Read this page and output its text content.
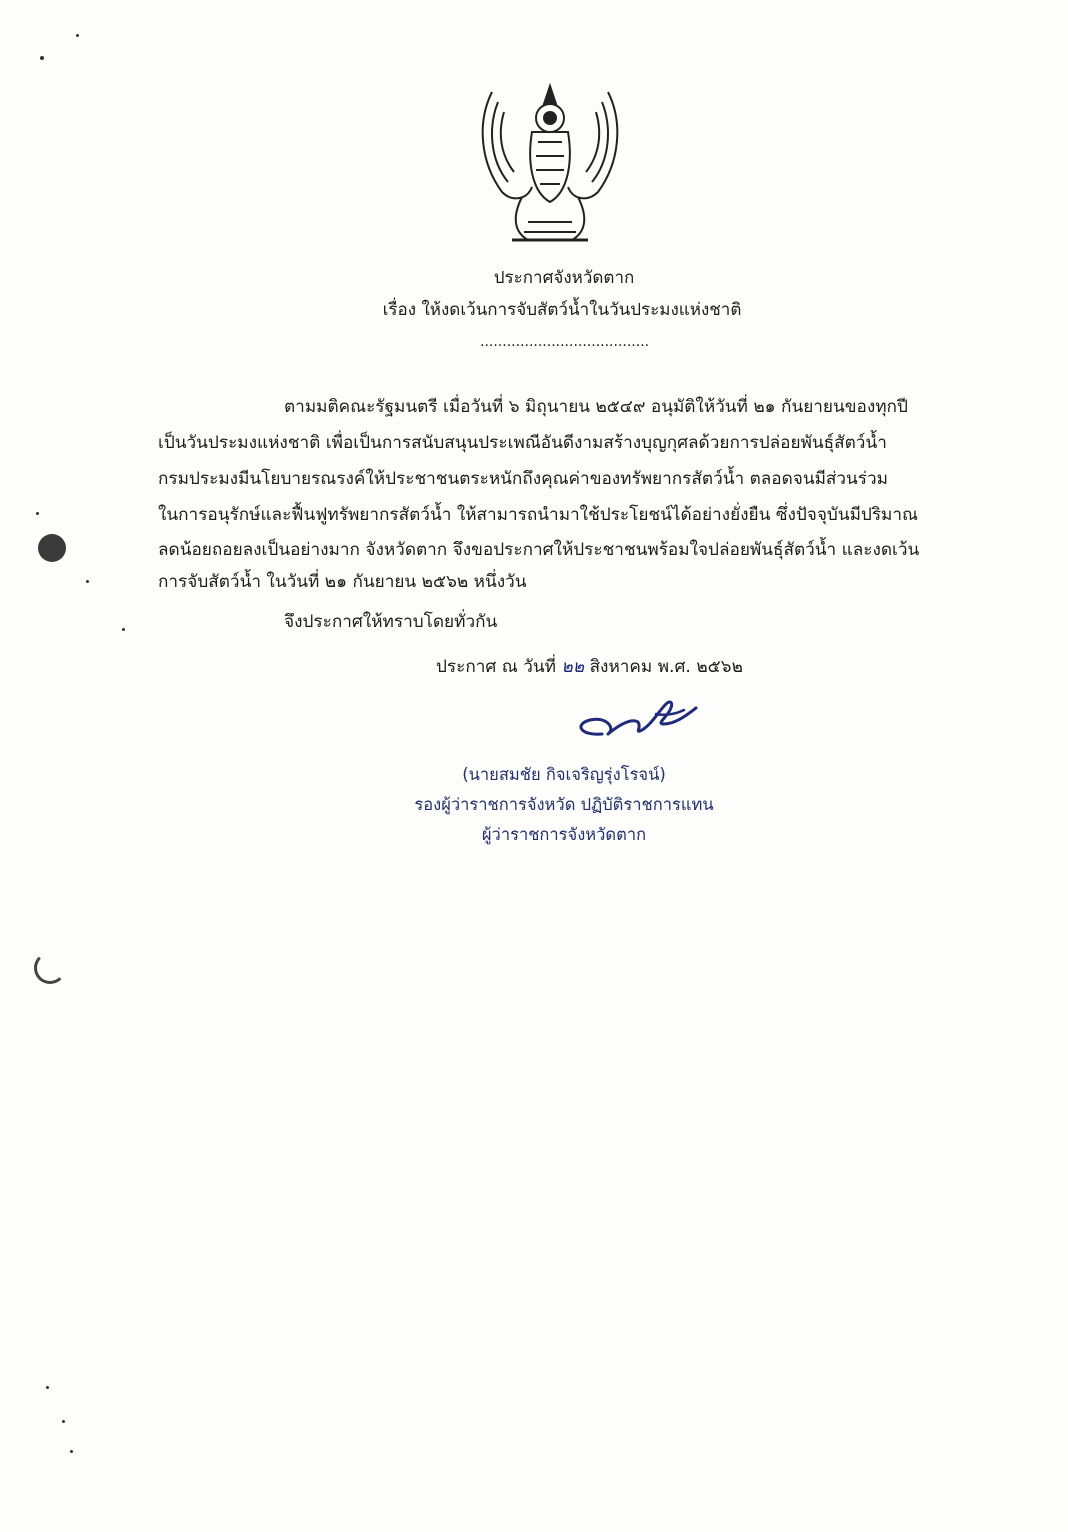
ประกาศจังหวัดตาก
เรื่อง ให้งดเว้นการจับสัตว์น้ำในวันประมงแห่งชาติ
......................................
ตามมติคณะรัฐมนตรี เมื่อวันที่ ๖ มิถุนายน ๒๕๔๙ อนุมัติให้วันที่ ๒๑ กันยายนของทุกปี
เป็นวันประมงแห่งชาติ เพื่อเป็นการสนับสนุนประเพณีอันดีงามสร้างบุญกุศลด้วยการปล่อยพันธุ์สัตว์น้ำ
กรมประมงมีนโยบายรณรงค์ให้ประชาชนตระหนักถึงคุณค่าของทรัพยากรสัตว์น้ำ ตลอดจนมีส่วนร่วม
ในการอนุรักษ์และฟื้นฟูทรัพยากรสัตว์น้ำ ให้สามารถนำมาใช้ประโยชน์ได้อย่างยั่งยืน ซึ่งปัจจุบันมีปริมาณ
ลดน้อยถอยลงเป็นอย่างมาก จังหวัดตาก จึงขอประกาศให้ประชาชนพร้อมใจปล่อยพันธุ์สัตว์น้ำ และงดเว้น
การจับสัตว์น้ำ ในวันที่ ๒๑ กันยายน ๒๕๖๒ หนึ่งวัน
จึงประกาศให้ทราบโดยทั่วกัน
ประกาศ ณ วันที่ ๒๒ สิงหาคม พ.ศ. ๒๕๖๒
(นายสมชัย กิจเจริญรุ่งโรจน์)
รองผู้ว่าราชการจังหวัด ปฏิบัติราชการแทน
ผู้ว่าราชการจังหวัดตาก
